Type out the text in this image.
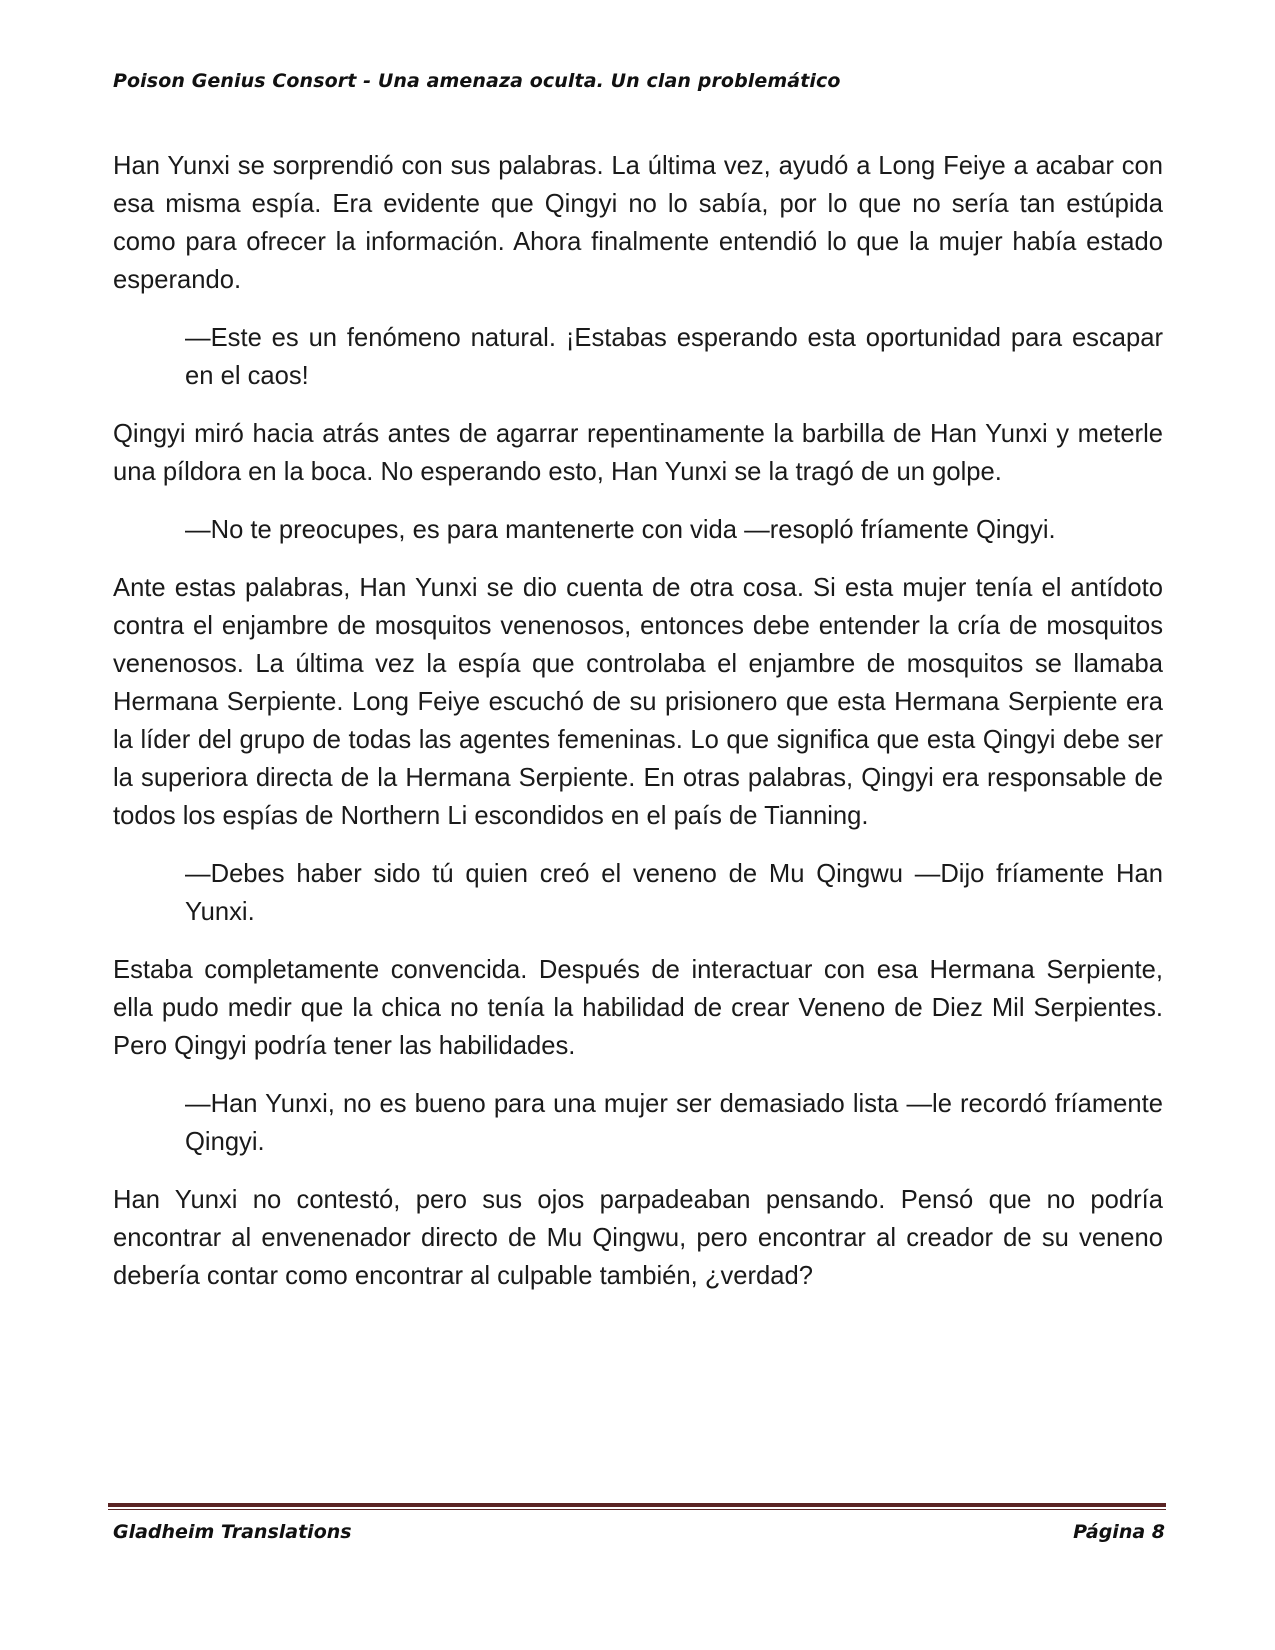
Poison Genius Consort - Una amenaza oculta. Un clan problemático

Han Yunxi se sorprendió con sus palabras. La última vez, ayudó a Long Feiye a acabar con esa misma espía. Era evidente que Qingyi no lo sabía, por lo que no sería tan estúpida como para ofrecer la información. Ahora finalmente entendió lo que la mujer había estado esperando.

—Este es un fenómeno natural. ¡Estabas esperando esta oportunidad para escapar en el caos!

Qingyi miró hacia atrás antes de agarrar repentinamente la barbilla de Han Yunxi y meterle una píldora en la boca. No esperando esto, Han Yunxi se la tragó de un golpe.

—No te preocupes, es para mantenerte con vida —resopló fríamente Qingyi.

Ante estas palabras, Han Yunxi se dio cuenta de otra cosa. Si esta mujer tenía el antídoto contra el enjambre de mosquitos venenosos, entonces debe entender la cría de mosquitos venenosos. La última vez la espía que controlaba el enjambre de mosquitos se llamaba Hermana Serpiente. Long Feiye escuchó de su prisionero que esta Hermana Serpiente era la líder del grupo de todas las agentes femeninas. Lo que significa que esta Qingyi debe ser la superiora directa de la Hermana Serpiente. En otras palabras, Qingyi era responsable de todos los espías de Northern Li escondidos en el país de Tianning.

—Debes haber sido tú quien creó el veneno de Mu Qingwu —Dijo fríamente Han Yunxi.

Estaba completamente convencida. Después de interactuar con esa Hermana Serpiente, ella pudo medir que la chica no tenía la habilidad de crear Veneno de Diez Mil Serpientes. Pero Qingyi podría tener las habilidades.

—Han Yunxi, no es bueno para una mujer ser demasiado lista —le recordó fríamente Qingyi.

Han Yunxi no contestó, pero sus ojos parpadeaban pensando. Pensó que no podría encontrar al envenenador directo de Mu Qingwu, pero encontrar al creador de su veneno debería contar como encontrar al culpable también, ¿verdad?

Gladheim Translations	Página 8
